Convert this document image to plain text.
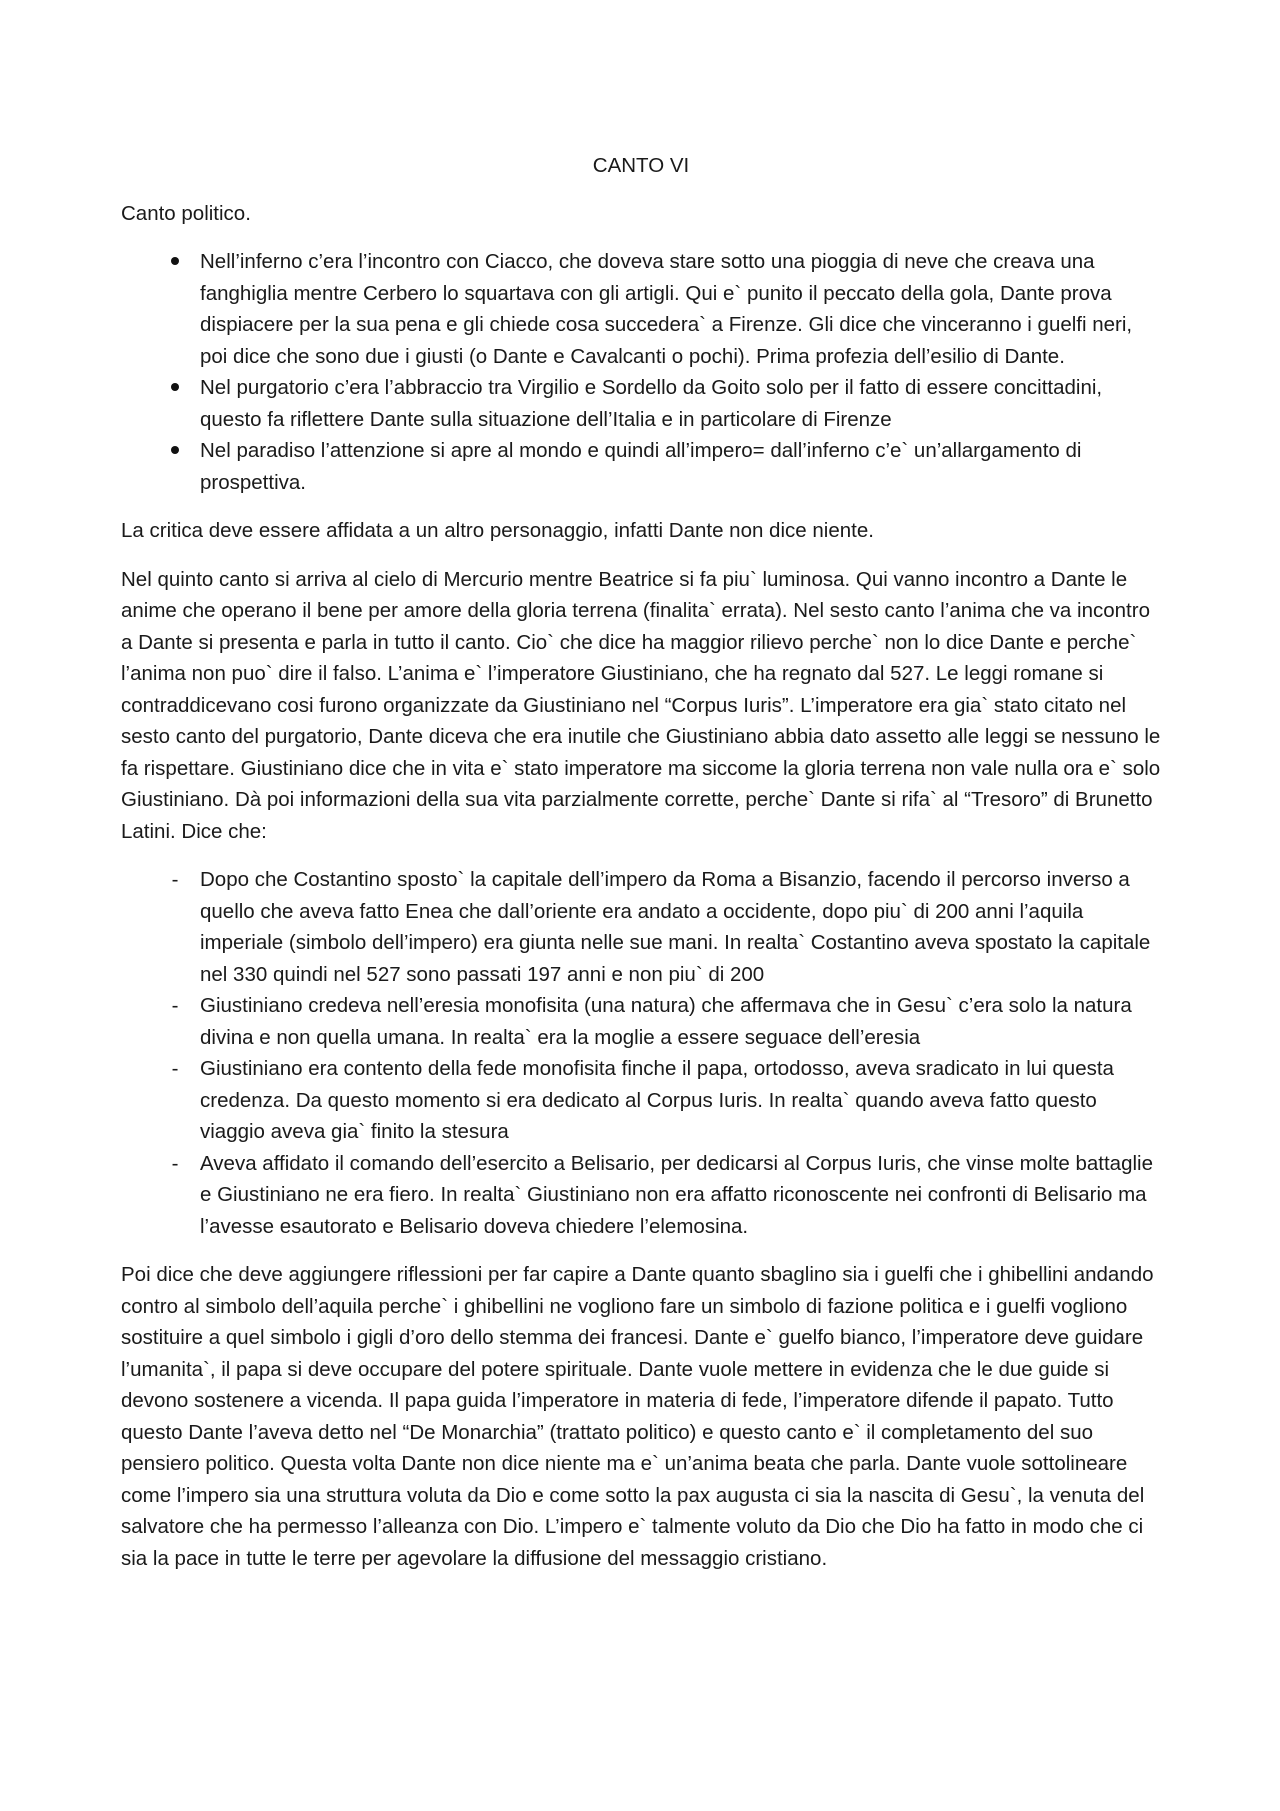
CANTO VI

Canto politico.

Nell’inferno c’era l’incontro con Ciacco, che doveva stare sotto una pioggia di neve che creava una fanghiglia mentre Cerbero lo squartava con gli artigli. Qui e` punito il peccato della gola, Dante prova dispiacere per la sua pena e gli chiede cosa succedera` a Firenze. Gli dice che vinceranno i guelfi neri, poi dice che sono due i giusti (o Dante e Cavalcanti o pochi). Prima profezia dell’esilio di Dante.
Nel purgatorio c’era l’abbraccio tra Virgilio e Sordello da Goito solo per il fatto di essere concittadini, questo fa riflettere Dante sulla situazione dell’Italia e in particolare di Firenze
Nel paradiso l’attenzione si apre al mondo e quindi all’impero= dall’inferno c’e` un’allargamento di prospettiva.

La critica deve essere affidata a un altro personaggio, infatti Dante non dice niente.

Nel quinto canto si arriva al cielo di Mercurio mentre Beatrice si fa piu` luminosa. Qui vanno incontro a Dante le anime che operano il bene per amore della gloria terrena (finalita` errata). Nel sesto canto l’anima che va incontro a Dante si presenta e parla in tutto il canto. Cio` che dice ha maggior rilievo perche` non lo dice Dante e perche` l’anima non puo` dire il falso. L’anima e` l’imperatore Giustiniano, che ha regnato dal 527. Le leggi romane si contraddicevano cosi furono organizzate da Giustiniano nel “Corpus Iuris”. L’imperatore era gia` stato citato nel sesto canto del purgatorio, Dante diceva che era inutile che Giustiniano abbia dato assetto alle leggi se nessuno le fa rispettare. Giustiniano dice che in vita e` stato imperatore ma siccome la gloria terrena non vale nulla ora e` solo Giustiniano. Dà poi informazioni della sua vita parzialmente corrette, perche` Dante si rifa` al “Tresoro” di Brunetto Latini. Dice che:

-	Dopo che Costantino sposto` la capitale dell’impero da Roma a Bisanzio, facendo il percorso inverso a quello che aveva fatto Enea che dall’oriente era andato a occidente, dopo piu` di 200 anni l’aquila imperiale (simbolo dell’impero) era giunta nelle sue mani. In realta` Costantino aveva spostato la capitale nel 330 quindi nel 527 sono passati 197 anni e non piu` di 200
-	Giustiniano credeva nell’eresia monofisita (una natura) che affermava che in Gesu` c’era solo la natura divina e non quella umana. In realta` era la moglie a essere seguace dell’eresia
-	Giustiniano era contento della fede monofisita finche il papa, ortodosso, aveva sradicato in lui questa credenza. Da questo momento si era dedicato al Corpus Iuris. In realta` quando aveva fatto questo viaggio aveva gia` finito la stesura
-	Aveva affidato il comando dell’esercito a Belisario, per dedicarsi al Corpus Iuris, che vinse molte battaglie e Giustiniano ne era fiero. In realta` Giustiniano non era affatto riconoscente nei confronti di Belisario ma l’avesse esautorato e Belisario doveva chiedere l’elemosina.

Poi dice che deve aggiungere riflessioni per far capire a Dante quanto sbaglino sia i guelfi che i ghibellini andando contro al simbolo dell’aquila perche` i ghibellini ne vogliono fare un simbolo di fazione politica e i guelfi vogliono sostituire a quel simbolo i gigli d’oro dello stemma dei francesi. Dante e` guelfo bianco, l’imperatore deve guidare l’umanita`, il papa si deve occupare del potere spirituale. Dante vuole mettere in evidenza che le due guide si devono sostenere a vicenda. Il papa guida l’imperatore in materia di fede, l’imperatore difende il papato. Tutto questo Dante l’aveva detto nel “De Monarchia” (trattato politico) e questo canto e` il completamento del suo pensiero politico. Questa volta Dante non dice niente ma e` un’anima beata che parla. Dante vuole sottolineare come l’impero sia una struttura voluta da Dio e come sotto la pax augusta ci sia la nascita di Gesu`, la venuta del salvatore che ha permesso l’alleanza con Dio. L’impero e` talmente voluto da Dio che Dio ha fatto in modo che ci sia la pace in tutte le terre per agevolare la diffusione del messaggio cristiano.
